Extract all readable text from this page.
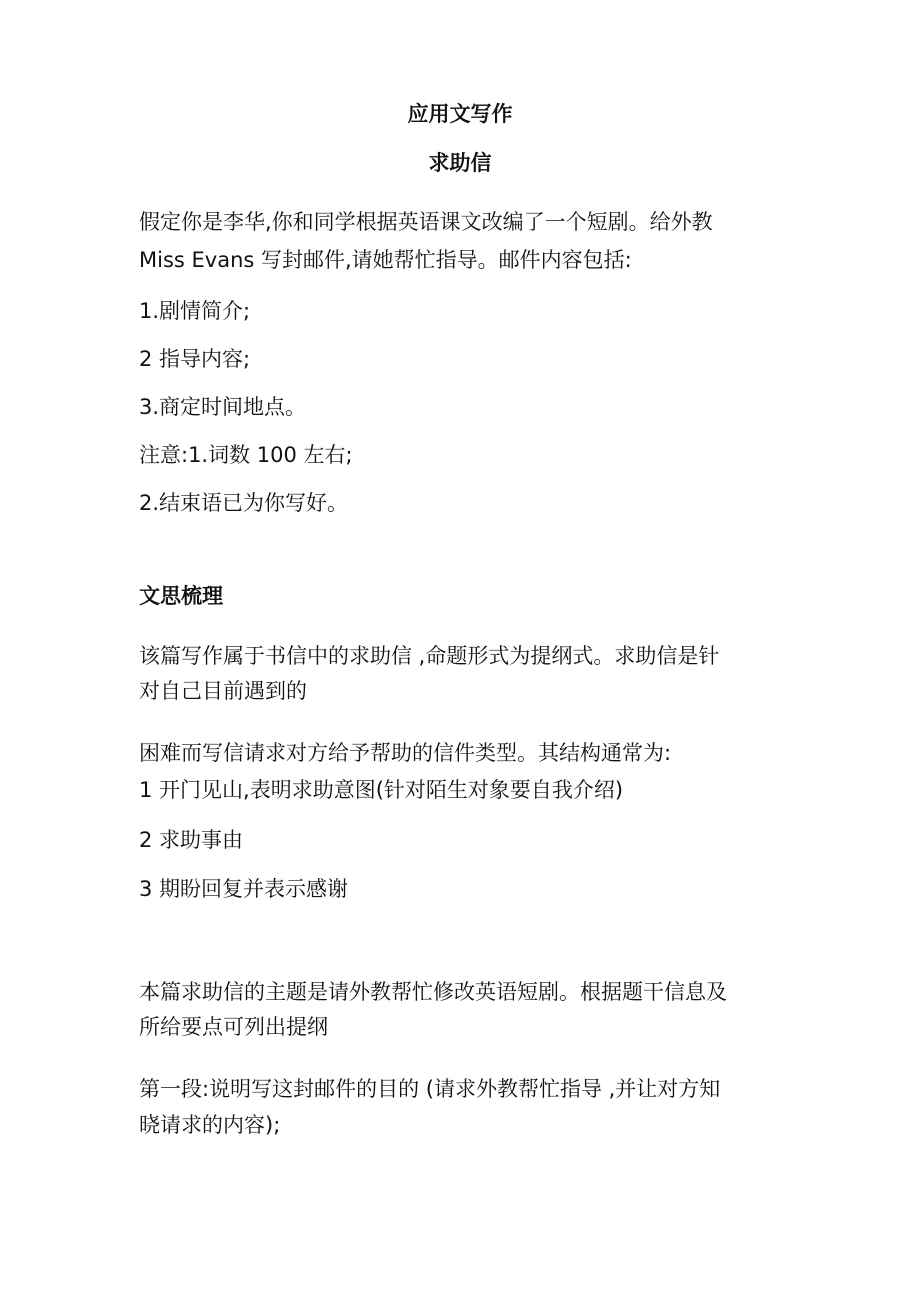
应用文写作
求助信
假定你是李华,你和同学根据英语课文改编了一个短剧。给外教
Miss Evans 写封邮件,请她帮忙指导。邮件内容包括:
1.剧情简介;
2 指导内容;
3.商定时间地点。
注意:1.词数 100 左右;
2.结束语已为你写好。
文思梳理
该篇写作属于书信中的求助信 ,命题形式为提纲式。求助信是针
对自己目前遇到的
困难而写信请求对方给予帮助的信件类型。其结构通常为:
1 开门见山,表明求助意图(针对陌生对象要自我介绍)
2 求助事由
3 期盼回复并表示感谢
本篇求助信的主题是请外教帮忙修改英语短剧。根据题干信息及
所给要点可列出提纲
第一段:说明写这封邮件的目的 (请求外教帮忙指导 ,并让对方知
晓请求的内容);
